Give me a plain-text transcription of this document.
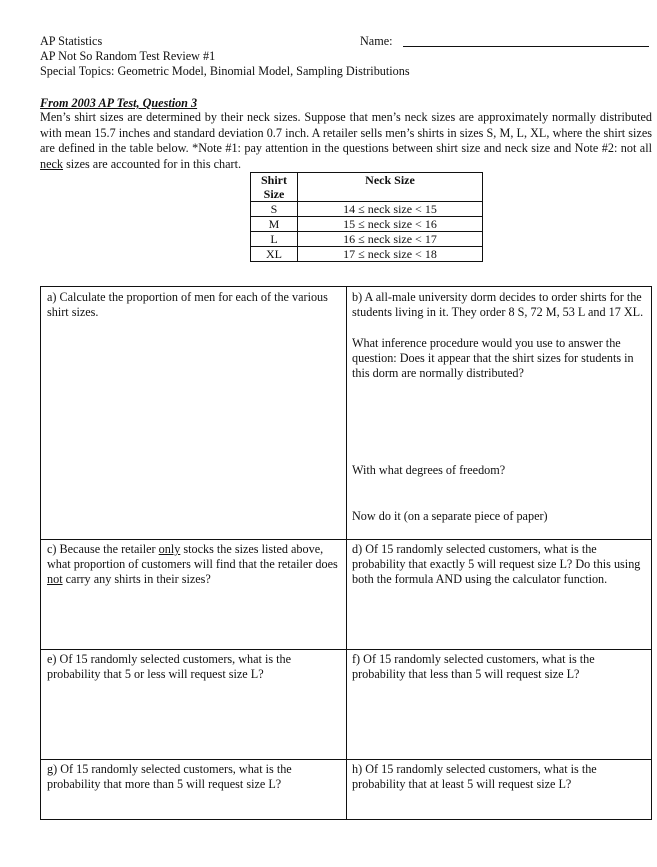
AP Statistics
AP Not So Random Test Review #1
Special Topics: Geometric Model, Binomial Model, Sampling Distributions
Name:
From 2003 AP Test, Question 3
Men’s shirt sizes are determined by their neck sizes. Suppose that men’s neck sizes are approximately normally distributed with mean 15.7 inches and standard deviation 0.7 inch. A retailer sells men’s shirts in sizes S, M, L, XL, where the shirt sizes are defined in the table below. *Note #1: pay attention in the questions between shirt size and neck size and Note #2: not all neck sizes are accounted for in this chart.
Shirt Size	Neck Size
S	14 ≤ neck size < 15
M	15 ≤ neck size < 16
L	16 ≤ neck size < 17
XL	17 ≤ neck size < 18
a) Calculate the proportion of men for each of the various shirt sizes.
b) A all-male university dorm decides to order shirts for the students living in it. They order 8 S, 72 M, 53 L and 17 XL.
What inference procedure would you use to answer the question: Does it appear that the shirt sizes for students in this dorm are normally distributed?
With what degrees of freedom?
Now do it (on a separate piece of paper)
c) Because the retailer only stocks the sizes listed above, what proportion of customers will find that the retailer does not carry any shirts in their sizes?
d) Of 15 randomly selected customers, what is the probability that exactly 5 will request size L? Do this using both the formula AND using the calculator function.
e) Of 15 randomly selected customers, what is the probability that 5 or less will request size L?
f) Of 15 randomly selected customers, what is the probability that less than 5 will request size L?
g) Of 15 randomly selected customers, what is the probability that more than 5 will request size L?
h) Of 15 randomly selected customers, what is the probability that at least 5 will request size L?
